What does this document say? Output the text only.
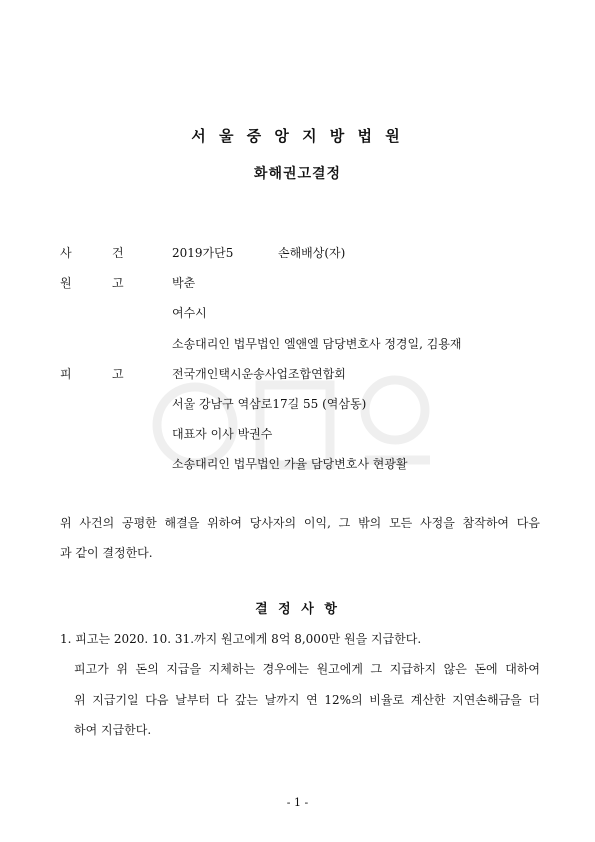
서 울 중 앙 지 방 법 원
화해권고결정
사	건	2019가단5	손해배상(자)
원	고	박춘
여수시
소송대리인 법무법인 엘앤엘 담당변호사 정경일, 김용재
피	고	전국개인택시운송사업조합연합회
서울 강남구 역삼로17길 55 (역삼동)
대표자 이사 박권수
소송대리인 법무법인 가율 담당변호사 현광활
위 사건의 공평한 해결을 위하여 당사자의 이익, 그 밖의 모든 사정을 참작하여 다음
과 같이 결정한다.
결 정 사 항
1. 피고는 2020. 10. 31.까지 원고에게 8억 8,000만 원을 지급한다.
피고가 위 돈의 지급을 지체하는 경우에는 원고에게 그 지급하지 않은 돈에 대하여
위 지급기일 다음 날부터 다 갚는 날까지 연 12%의 비율로 계산한 지연손해금을 더
하여 지급한다.
- 1 -
